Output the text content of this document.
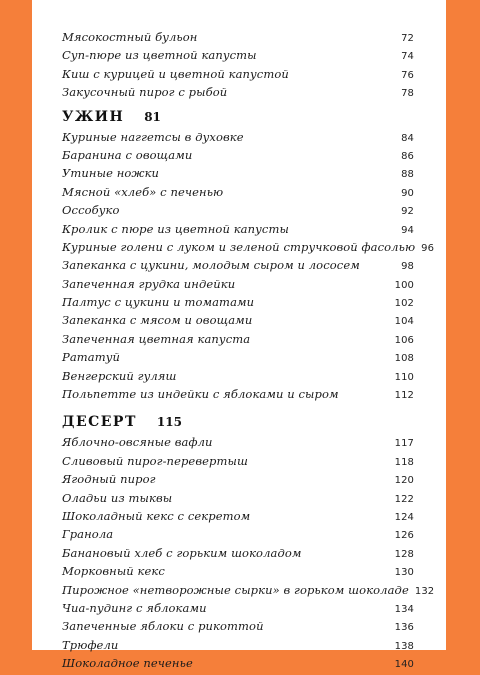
Мясокостный бульон	72
Суп-пюре из цветной капусты	74
Киш с курицей и цветной капустой	76
Закусочный пирог с рыбой	78
УЖИН 81
Куриные наггетсы в духовке	84
Баранина с овощами	86
Утиные ножки	88
Мясной «хлеб» с печенью	90
Оссобуко	92
Кролик с пюре из цветной капусты	94
Куриные голени с луком и зеленой стручковой фасолью 96
Запеканка с цукини, молодым сыром и лососем	98
Запеченная грудка индейки	100
Палтус с цукини и томатами	102
Запеканка с мясом и овощами	104
Запеченная цветная капуста	106
Рататуй	108
Венгерский гуляш	110
Польпетте из индейки с яблоками и сыром	112
ДЕСЕРТ 115
Яблочно-овсяные вафли	117
Сливовый пирог-перевертыш	118
Ягодный пирог	120
Оладьи из тыквы	122
Шоколадный кекс с секретом	124
Гранола	126
Банановый хлеб с горьким шоколадом	128
Морковный кекс	130
Пирожное «нетворожные сырки» в горьком шоколаде 132
Чиа-пудинг с яблоками	134
Запеченные яблоки с рикоттой	136
Трюфели	138
Шоколадное печенье	140
